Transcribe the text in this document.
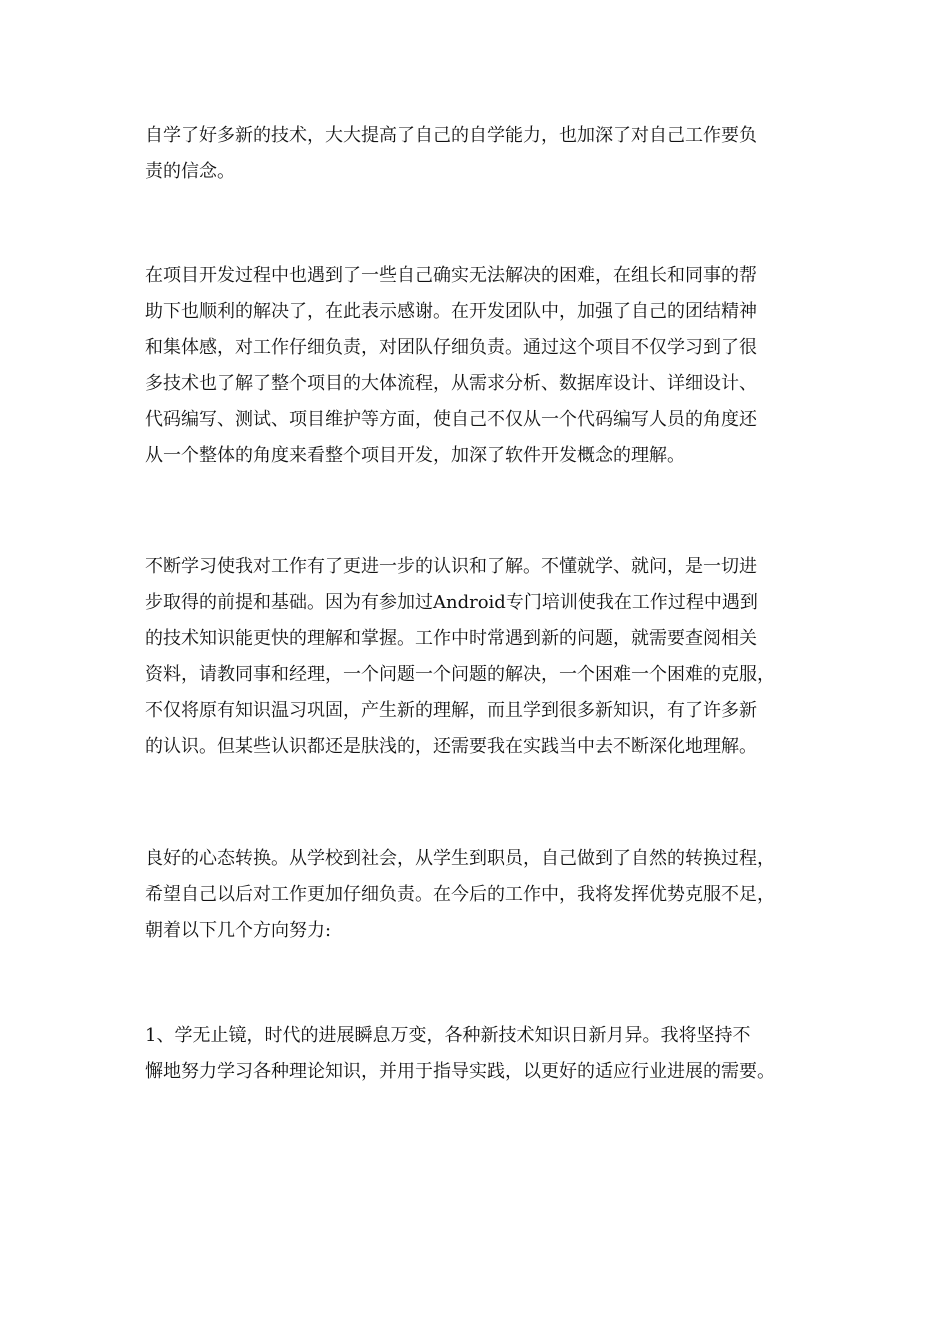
自学了好多新的技术，大大提高了自己的自学能力，也加深了对自己工作要负
责的信念。
在项目开发过程中也遇到了一些自己确实无法解决的困难，在组长和同事的帮
助下也顺利的解决了，在此表示感谢。在开发团队中，加强了自己的团结精神
和集体感，对工作仔细负责，对团队仔细负责。通过这个项目不仅学习到了很
多技术也了解了整个项目的大体流程，从需求分析、数据库设计、详细设计、
代码编写、测试、项目维护等方面，使自己不仅从一个代码编写人员的角度还
从一个整体的角度来看整个项目开发，加深了软件开发概念的理解。
不断学习使我对工作有了更进一步的认识和了解。不懂就学、就问，是一切进
步取得的前提和基础。因为有参加过Android专门培训使我在工作过程中遇到
的技术知识能更快的理解和掌握。工作中时常遇到新的问题，就需要查阅相关
资料，请教同事和经理，一个问题一个问题的解决，一个困难一个困难的克服，
不仅将原有知识温习巩固，产生新的理解，而且学到很多新知识，有了许多新
的认识。但某些认识都还是肤浅的，还需要我在实践当中去不断深化地理解。
良好的心态转换。从学校到社会，从学生到职员，自己做到了自然的转换过程，
希望自己以后对工作更加仔细负责。在今后的工作中，我将发挥优势克服不足，
朝着以下几个方向努力:
1、学无止镜，时代的进展瞬息万变，各种新技术知识日新月异。我将坚持不
懈地努力学习各种理论知识，并用于指导实践，以更好的适应行业进展的需要。
